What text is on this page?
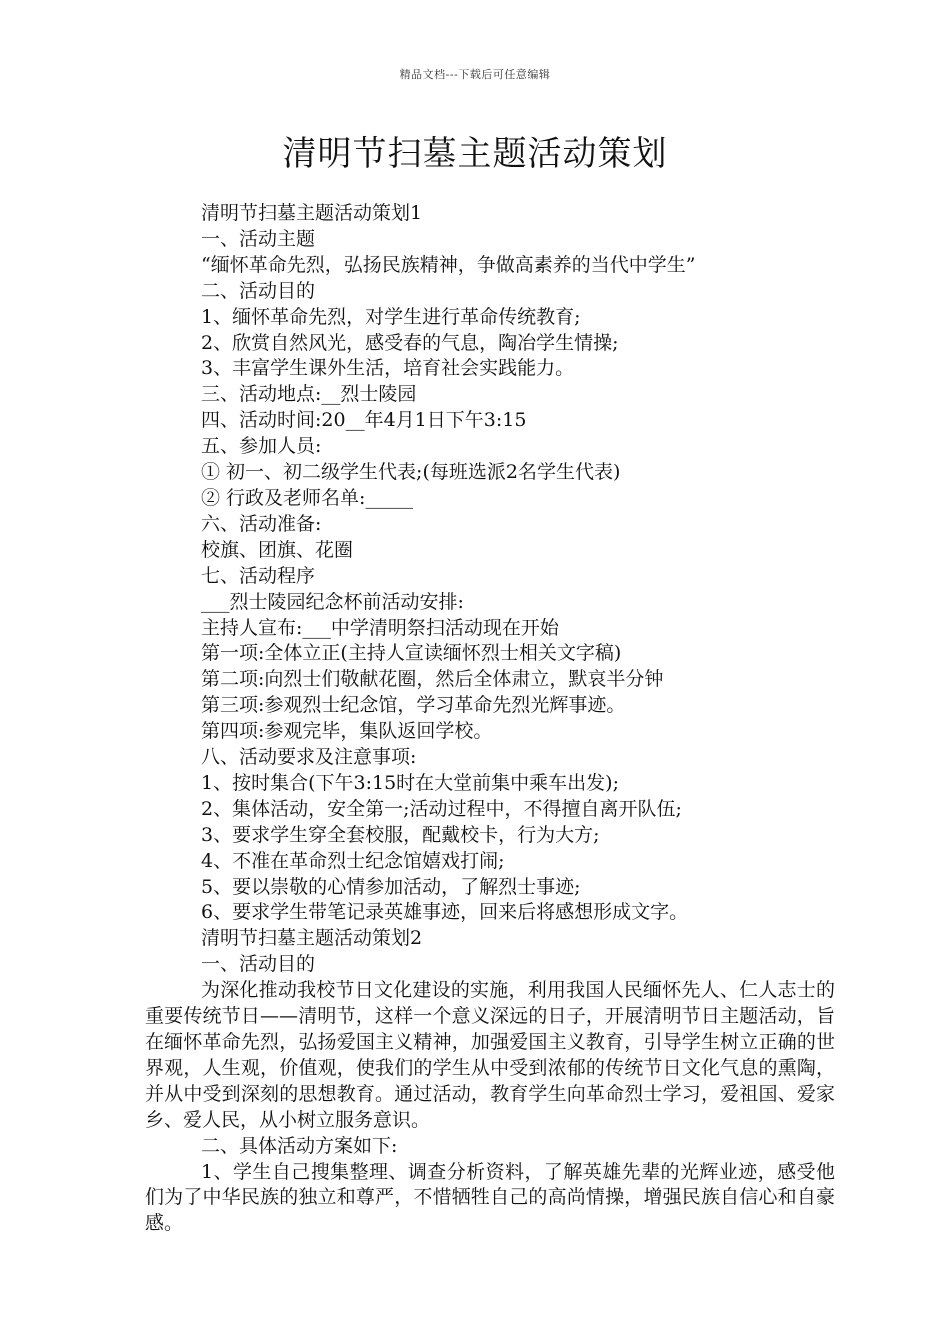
精品文档---下载后可任意编辑
清明节扫墓主题活动策划
清明节扫墓主题活动策划1
一、活动主题
“缅怀革命先烈，弘扬民族精神，争做高素养的当代中学生”
二、活动目的
1、缅怀革命先烈，对学生进行革命传统教育;
2、欣赏自然风光，感受春的气息，陶冶学生情操;
3、丰富学生课外生活，培育社会实践能力。
三、活动地点:__烈士陵园
四、活动时间:20__年4月1日下午3:15
五、参加人员:
① 初一、初二级学生代表;(每班选派2名学生代表)
② 行政及老师名单:_____
六、活动准备:
校旗、团旗、花圈
七、活动程序
___烈士陵园纪念杯前活动安排:
主持人宣布:___中学清明祭扫活动现在开始
第一项:全体立正(主持人宣读缅怀烈士相关文字稿)
第二项:向烈士们敬献花圈，然后全体肃立，默哀半分钟
第三项:参观烈士纪念馆，学习革命先烈光辉事迹。
第四项:参观完毕，集队返回学校。
八、活动要求及注意事项:
1、按时集合(下午3:15时在大堂前集中乘车出发);
2、集体活动，安全第一;活动过程中，不得擅自离开队伍;
3、要求学生穿全套校服，配戴校卡，行为大方;
4、不准在革命烈士纪念馆嬉戏打闹;
5、要以崇敬的心情参加活动，了解烈士事迹;
6、要求学生带笔记录英雄事迹，回来后将感想形成文字。
清明节扫墓主题活动策划2
一、活动目的
为深化推动我校节日文化建设的实施，利用我国人民缅怀先人、仁人志士的重要传统节日——清明节，这样一个意义深远的日子，开展清明节日主题活动，旨在缅怀革命先烈，弘扬爱国主义精神，加强爱国主义教育，引导学生树立正确的世界观，人生观，价值观，使我们的学生从中受到浓郁的传统节日文化气息的熏陶，并从中受到深刻的思想教育。通过活动，教育学生向革命烈士学习，爱祖国、爱家乡、爱人民，从小树立服务意识。
二、具体活动方案如下:
1、学生自己搜集整理、调查分析资料，了解英雄先辈的光辉业迹，感受他们为了中华民族的独立和尊严，不惜牺牲自己的高尚情操，增强民族自信心和自豪感。
